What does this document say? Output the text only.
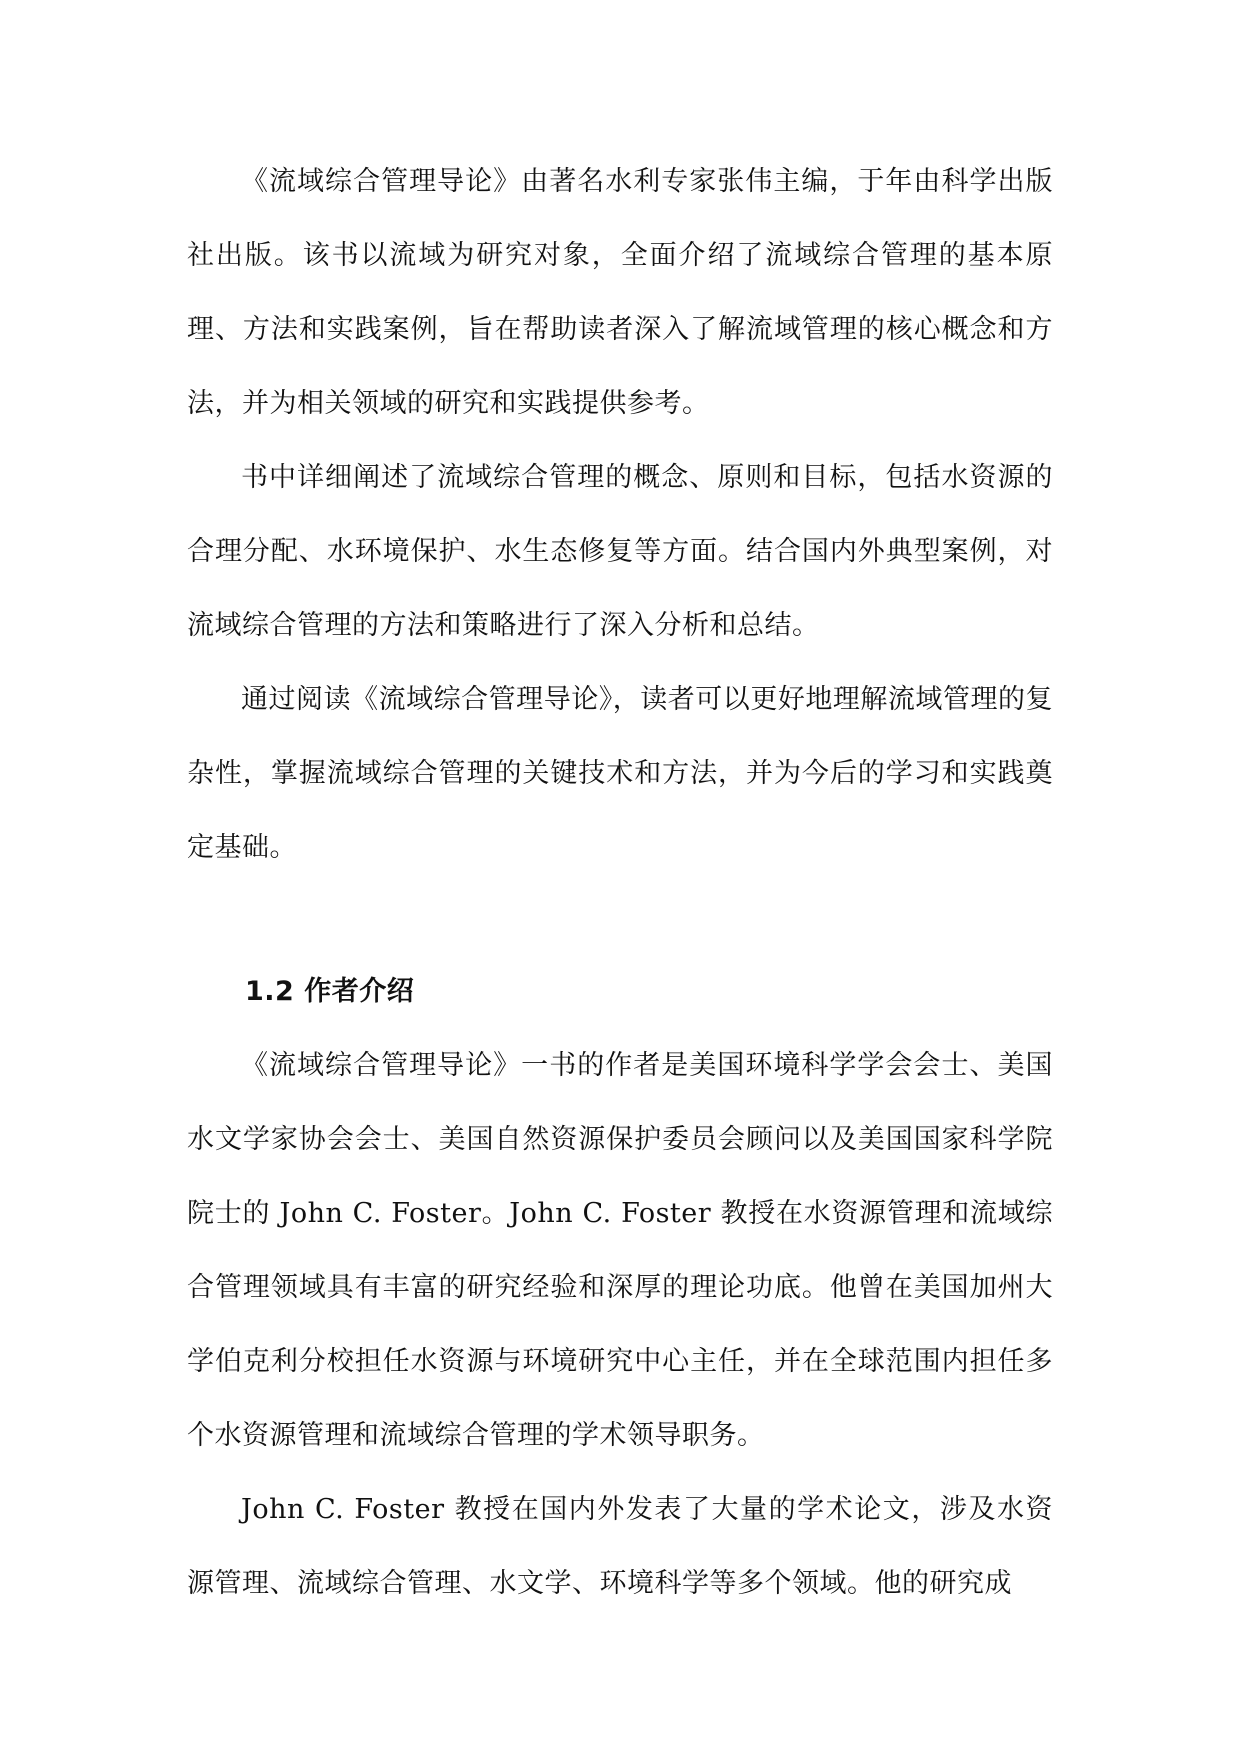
《流域综合管理导论》由著名水利专家张伟主编，于年由科学出版社出版。该书以流域为研究对象，全面介绍了流域综合管理的基本原理、方法和实践案例，旨在帮助读者深入了解流域管理的核心概念和方法，并为相关领域的研究和实践提供参考。

书中详细阐述了流域综合管理的概念、原则和目标，包括水资源的合理分配、水环境保护、水生态修复等方面。结合国内外典型案例，对流域综合管理的方法和策略进行了深入分析和总结。

通过阅读《流域综合管理导论》，读者可以更好地理解流域管理的复杂性，掌握流域综合管理的关键技术和方法，并为今后的学习和实践奠定基础。

1.2 作者介绍

《流域综合管理导论》一书的作者是美国环境科学学会会士、美国水文学家协会会士、美国自然资源保护委员会顾问以及美国国家科学院院士的 John C. Foster。John C. Foster 教授在水资源管理和流域综合管理领域具有丰富的研究经验和深厚的理论功底。他曾在美国加州大学伯克利分校担任水资源与环境研究中心主任，并在全球范围内担任多个水资源管理和流域综合管理的学术领导职务。

John C. Foster 教授在国内外发表了大量的学术论文，涉及水资源管理、流域综合管理、水文学、环境科学等多个领域。他的研究成
